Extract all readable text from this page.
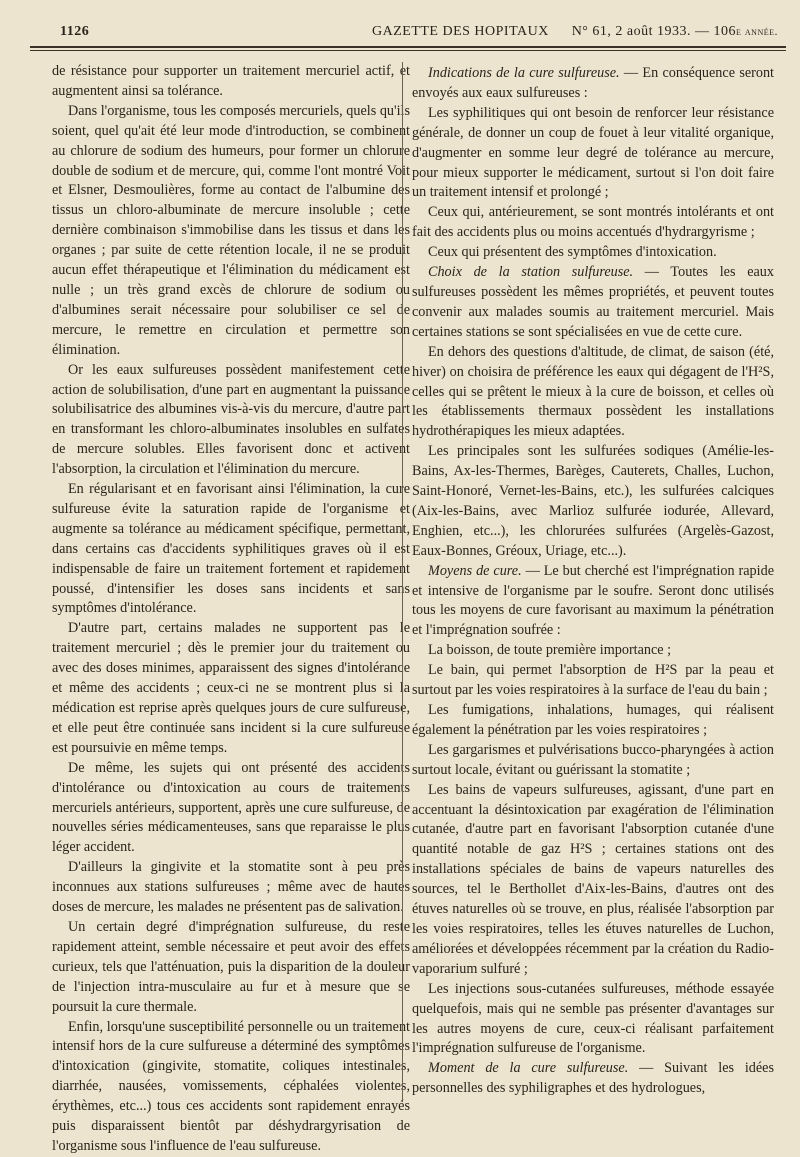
1126	GAZETTE DES HOPITAUX N° 61, 2 août 1933. — 106e année.

de résistance pour supporter un traitement mercuriel actif, et augmentent ainsi sa tolérance.

Dans l'organisme, tous les composés mercuriels, quels qu'ils soient, quel qu'ait été leur mode d'introduction, se combinent au chlorure de sodium des humeurs, pour former un chlorure double de sodium et de mercure, qui, comme l'ont montré Voit et Elsner, Desmoulières, forme au contact de l'albumine des tissus un chloro-albuminate de mercure insoluble ; cette dernière combinaison s'immobilise dans les tissus et dans les organes ; par suite de cette rétention locale, il ne se produit aucun effet thérapeutique et l'élimination du médicament est nulle ; un très grand excès de chlorure de sodium ou d'albumines serait nécessaire pour solubiliser ce sel de mercure, le remettre en circulation et permettre son élimination.

Or les eaux sulfureuses possèdent manifestement cette action de solubilisation, d'une part en augmentant la puissance solubilisatrice des albumines vis-à-vis du mercure, d'autre part en transformant les chloro-albuminates insolubles en sulfates de mercure solubles. Elles favorisent donc et activent l'absorption, la circulation et l'élimination du mercure.

En régularisant et en favorisant ainsi l'élimination, la cure sulfureuse évite la saturation rapide de l'organisme et augmente sa tolérance au médicament spécifique, permettant, dans certains cas d'accidents syphilitiques graves où il est indispensable de faire un traitement fortement et rapidement poussé, d'intensifier les doses sans incidents et sans symptômes d'intolérance.

D'autre part, certains malades ne supportent pas le traitement mercuriel ; dès le premier jour du traitement ou avec des doses minimes, apparaissent des signes d'intolérance et même des accidents ; ceux-ci ne se montrent plus si la médication est reprise après quelques jours de cure sulfureuse, et elle peut être continuée sans incident si la cure sulfureuse est poursuivie en même temps.

De même, les sujets qui ont présenté des accidents d'intolérance ou d'intoxication au cours de traitements mercuriels antérieurs, supportent, après une cure sulfureuse, de nouvelles séries médicamenteuses, sans que reparaisse le plus léger accident.

D'ailleurs la gingivite et la stomatite sont à peu près inconnues aux stations sulfureuses ; même avec de hautes doses de mercure, les malades ne présentent pas de salivation.

Un certain degré d'imprégnation sulfureuse, du reste rapidement atteint, semble nécessaire et peut avoir des effets curieux, tels que l'atténuation, puis la disparition de la douleur de l'injection intra-musculaire au fur et à mesure que se poursuit la cure thermale.

Enfin, lorsqu'une susceptibilité personnelle ou un traitement intensif hors de la cure sulfureuse a déterminé des symptômes d'intoxication (gingivite, stomatite, coliques intestinales, diarrhée, nausées, vomissements, céphalées violentes, érythèmes, etc...) tous ces accidents sont rapidement enrayés puis disparaissent bientôt par déshydrargyrisation de l'organisme sous l'influence de l'eau sulfureuse.

Indications de la cure sulfureuse. — En conséquence seront envoyés aux eaux sulfureuses :

Les syphilitiques qui ont besoin de renforcer leur résistance générale, de donner un coup de fouet à leur vitalité organique, d'augmenter en somme leur degré de tolérance au mercure, pour mieux supporter le médicament, surtout si l'on doit faire un traitement intensif et prolongé ;

Ceux qui, antérieurement, se sont montrés intolérants et ont fait des accidents plus ou moins accentués d'hydrargyrisme ;

Ceux qui présentent des symptômes d'intoxication.

Choix de la station sulfureuse. — Toutes les eaux sulfureuses possèdent les mêmes propriétés, et peuvent toutes convenir aux malades soumis au traitement mercuriel. Mais certaines stations se sont spécialisées en vue de cette cure.

En dehors des questions d'altitude, de climat, de saison (été, hiver) on choisira de préférence les eaux qui dégagent de l'H²S, celles qui se prêtent le mieux à la cure de boisson, et celles où les établissements thermaux possèdent les installations hydrothérapiques les mieux adaptées.

Les principales sont les sulfurées sodiques (Amélie-les-Bains, Ax-les-Thermes, Barèges, Cauterets, Challes, Luchon, Saint-Honoré, Vernet-les-Bains, etc.), les sulfurées calciques (Aix-les-Bains, avec Marlioz sulfurée iodurée, Allevard, Enghien, etc...), les chlorurées sulfurées (Argelès-Gazost, Eaux-Bonnes, Gréoux, Uriage, etc...).

Moyens de cure. — Le but cherché est l'imprégnation rapide et intensive de l'organisme par le soufre. Seront donc utilisés tous les moyens de cure favorisant au maximum la pénétration et l'imprégnation soufrée :

La boisson, de toute première importance ;

Le bain, qui permet l'absorption de H²S par la peau et surtout par les voies respiratoires à la surface de l'eau du bain ;

Les fumigations, inhalations, humages, qui réalisent également la pénétration par les voies respiratoires ;

Les gargarismes et pulvérisations bucco-pharyngées à action surtout locale, évitant ou guérissant la stomatite ;

Les bains de vapeurs sulfureuses, agissant, d'une part en accentuant la désintoxication par exagération de l'élimination cutanée, d'autre part en favorisant l'absorption cutanée d'une quantité notable de gaz H²S ; certaines stations ont des installations spéciales de bains de vapeurs naturelles des sources, tel le Berthollet d'Aix-les-Bains, d'autres ont des étuves naturelles où se trouve, en plus, réalisée l'absorption par les voies respiratoires, telles les étuves naturelles de Luchon, améliorées et développées récemment par la création du Radio-vaporarium sulfuré ;

Les injections sous-cutanées sulfureuses, méthode essayée quelquefois, mais qui ne semble pas présenter d'avantages sur les autres moyens de cure, ceux-ci réalisant parfaitement l'imprégnation sulfureuse de l'organisme.

Moment de la cure sulfureuse. — Suivant les idées personnelles des syphiligraphes et des hydrologues,
